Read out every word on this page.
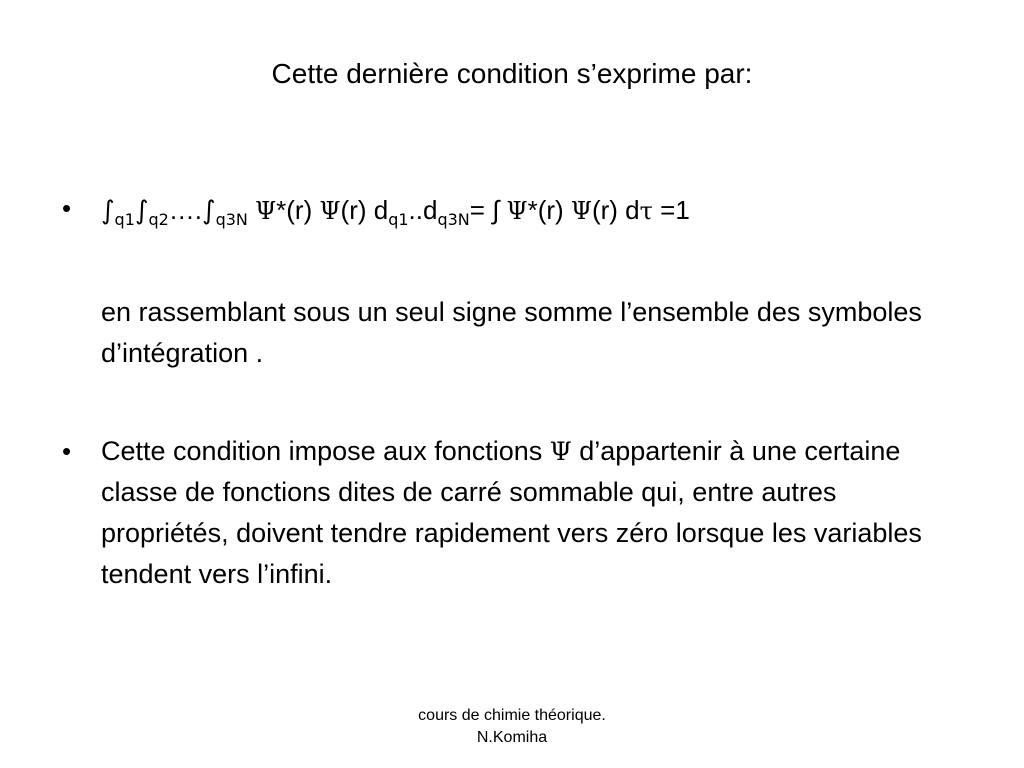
Cette dernière condition s’exprime par:
•	$\int_{q1}\int_{q2}\dots.\int_{q3N}$ Ψ*(r) Ψ(r) $d_{q1}..d_{q3N}=$ ∫ Ψ*(r) Ψ(r) dτ =1
en rassemblant sous un seul signe somme l’ensemble des symboles d’intégration .
•	Cette condition impose aux fonctions Ψ d’appartenir à une certaine classe de fonctions dites de carré sommable qui, entre autres propriétés, doivent tendre rapidement vers zéro lorsque les variables tendent vers l’infini.
cours de chimie théorique.
N.Komiha
